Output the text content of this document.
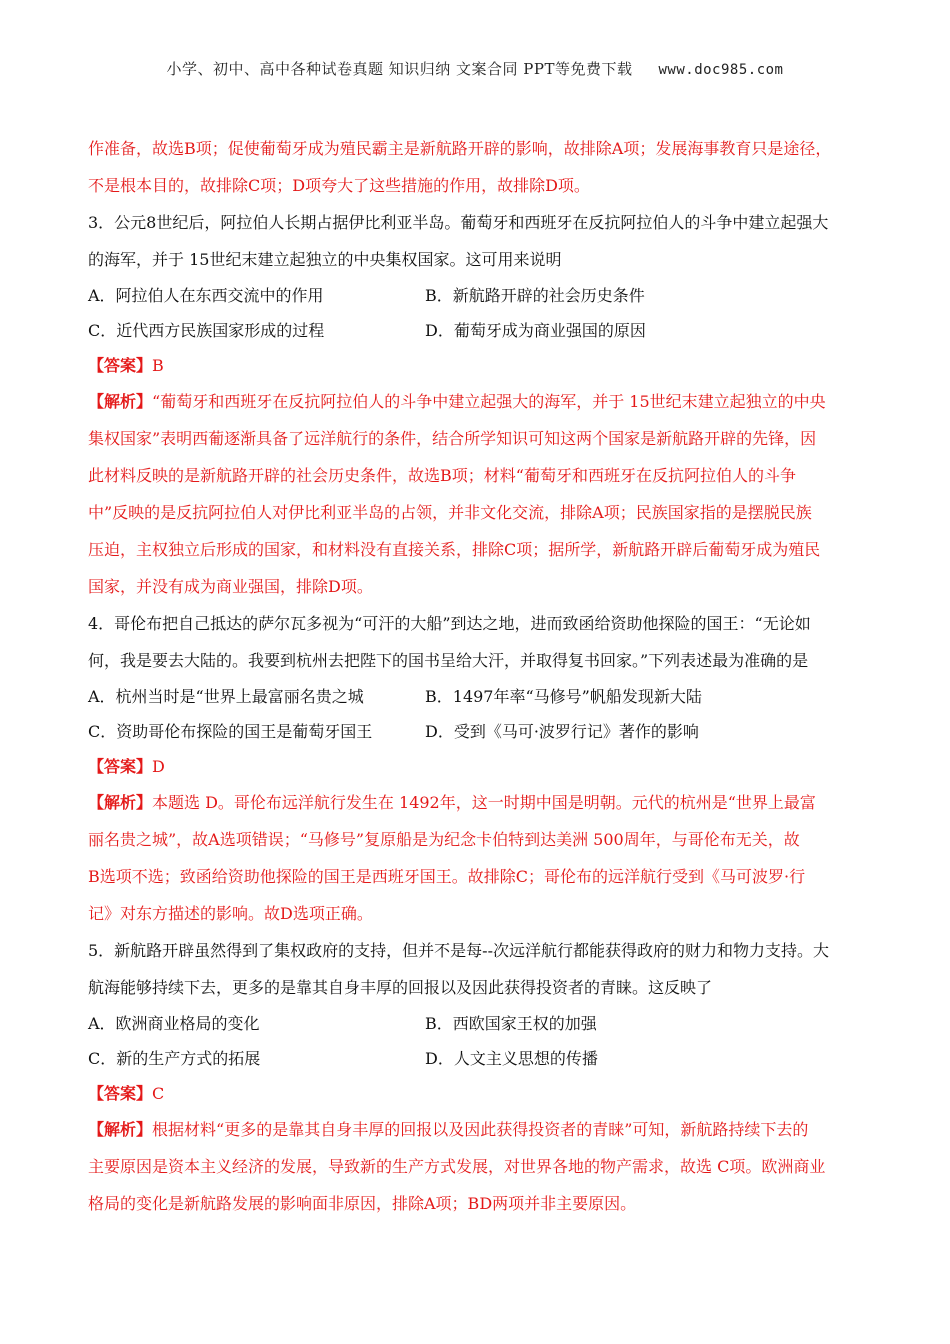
小学、初中、高中各种试卷真题 知识归纳 文案合同 PPT等免费下载 www.doc985.com

作准备，故选B项；促使葡萄牙成为殖民霸主是新航路开辟的影响，故排除A项；发展海事教育只是途径，

不是根本目的，故排除C项；D项夸大了这些措施的作用，故排除D项。

3．公元8世纪后，阿拉伯人长期占据伊比利亚半岛。葡萄牙和西班牙在反抗阿拉伯人的斗争中建立起强大

的海军，并于 15世纪末建立起独立的中央集权国家。这可用来说明

A．阿拉伯人在东西交流中的作用	B．新航路开辟的社会历史条件
C．近代西方民族国家形成的过程	D．葡萄牙成为商业强国的原因

【答案】B

【解析】“葡萄牙和西班牙在反抗阿拉伯人的斗争中建立起强大的海军，并于 15世纪末建立起独立的中央
集权国家”表明西葡逐渐具备了远洋航行的条件，结合所学知识可知这两个国家是新航路开辟的先锋，因
此材料反映的是新航路开辟的社会历史条件，故选B项；材料“葡萄牙和西班牙在反抗阿拉伯人的斗争
中”反映的是反抗阿拉伯人对伊比利亚半岛的占领，并非文化交流，排除A项；民族国家指的是摆脱民族
压迫，主权独立后形成的国家，和材料没有直接关系，排除C项；据所学，新航路开辟后葡萄牙成为殖民
国家，并没有成为商业强国，排除D项。

4．哥伦布把自己抵达的萨尔瓦多视为“可汗的大船”到达之地，进而致函给资助他探险的国王：“无论如

何，我是要去大陆的。我要到杭州去把陛下的国书呈给大汗，并取得复书回家。”下列表述最为准确的是

A．杭州当时是“世界上最富丽名贵之城	B．1497年率“马修号”帆船发现新大陆
C．资助哥伦布探险的国王是葡萄牙国王	D．受到《马可·波罗行记》著作的影响

【答案】D

【解析】本题选 D。哥伦布远洋航行发生在 1492年，这一时期中国是明朝。元代的杭州是“世界上最富
丽名贵之城”，故A选项错误；“马修号”复原船是为纪念卡伯特到达美洲 500周年，与哥伦布无关，故
B选项不选；致函给资助他探险的国王是西班牙国王。故排除C；哥伦布的远洋航行受到《马可波罗·行
记》对东方描述的影响。故D选项正确。

5．新航路开辟虽然得到了集权政府的支持，但并不是每--次远洋航行都能获得政府的财力和物力支持。大

航海能够持续下去，更多的是靠其自身丰厚的回报以及因此获得投资者的青睐。这反映了

A．欧洲商业格局的变化	B．西欧国家王权的加强
C．新的生产方式的拓展	D．人文主义思想的传播

【答案】C

【解析】根据材料“更多的是靠其自身丰厚的回报以及因此获得投资者的青睐”可知，新航路持续下去的
主要原因是资本主义经济的发展，导致新的生产方式发展，对世界各地的物产需求，故选 C项。欧洲商业
格局的变化是新航路发展的影响面非原因，排除A项；BD两项并非主要原因。
